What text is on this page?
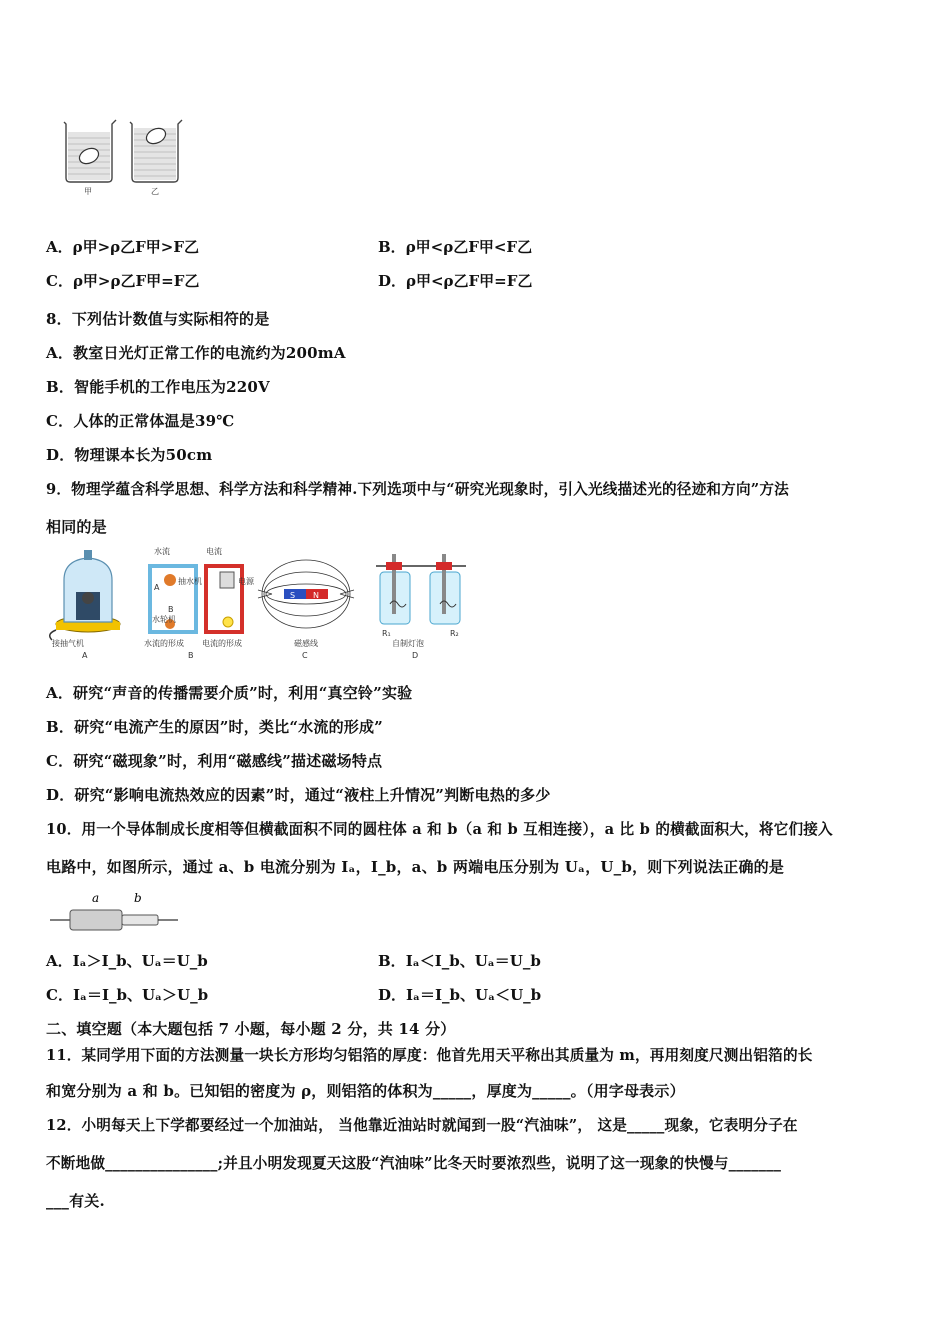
甲	乙
A．ρ甲>ρ乙F甲>F乙	B．ρ甲<ρ乙F甲<F乙
C．ρ甲>ρ乙F甲=F乙	D．ρ甲<ρ乙F甲=F乙
8．下列估计数值与实际相符的是
A．教室日光灯正常工作的电流约为200mA
B．智能手机的工作电压为220V
C．人体的正常体温是39℃
D．物理课本长为50cm
9．物理学蕴含科学思想、科学方法和科学精神.下列选项中与“研究光现象时，引入光线描述光的径迹和方向”方法
相同的是
接抽气机
A
水流	电流
抽水机
A
B
水轮机
电源
水流的形成 电流的形成
B
S N
磁感线
C
R₁	R₂
自制灯泡
D
A．研究“声音的传播需要介质”时，利用“真空铃”实验
B．研究“电流产生的原因”时，类比“水流的形成”
C．研究“磁现象”时，利用“磁感线”描述磁场特点
D．研究“影响电流热效应的因素”时，通过“液柱上升情况”判断电热的多少
10．用一个导体制成长度相等但横截面积不同的圆柱体 a 和 b（a 和 b 互相连接），a 比 b 的横截面积大，将它们接入
电路中，如图所示，通过 a、b 电流分别为 Iₐ，I_b，a、b 两端电压分别为 Uₐ，U_b，则下列说法正确的是
a	b
A．Iₐ＞I_b、Uₐ＝U_b	B．Iₐ＜I_b、Uₐ＝U_b
C．Iₐ＝I_b、Uₐ＞U_b	D．Iₐ＝I_b、Uₐ＜U_b
二、填空题（本大题包括 7 小题，每小题 2 分，共 14 分）
11．某同学用下面的方法测量一块长方形均匀铝箔的厚度：他首先用天平称出其质量为 m，再用刻度尺测出铝箔的长
和宽分别为 a 和 b。已知铝的密度为 ρ，则铝箔的体积为_____，厚度为_____。（用字母表示）
12．小明每天上下学都要经过一个加油站， 当他靠近油站时就闻到一股“汽油味”， 这是_____现象，它表明分子在
不断地做_______________;并且小明发现夏天这股“汽油味”比冬天时要浓烈些，说明了这一现象的快慢与_______
___有关.
